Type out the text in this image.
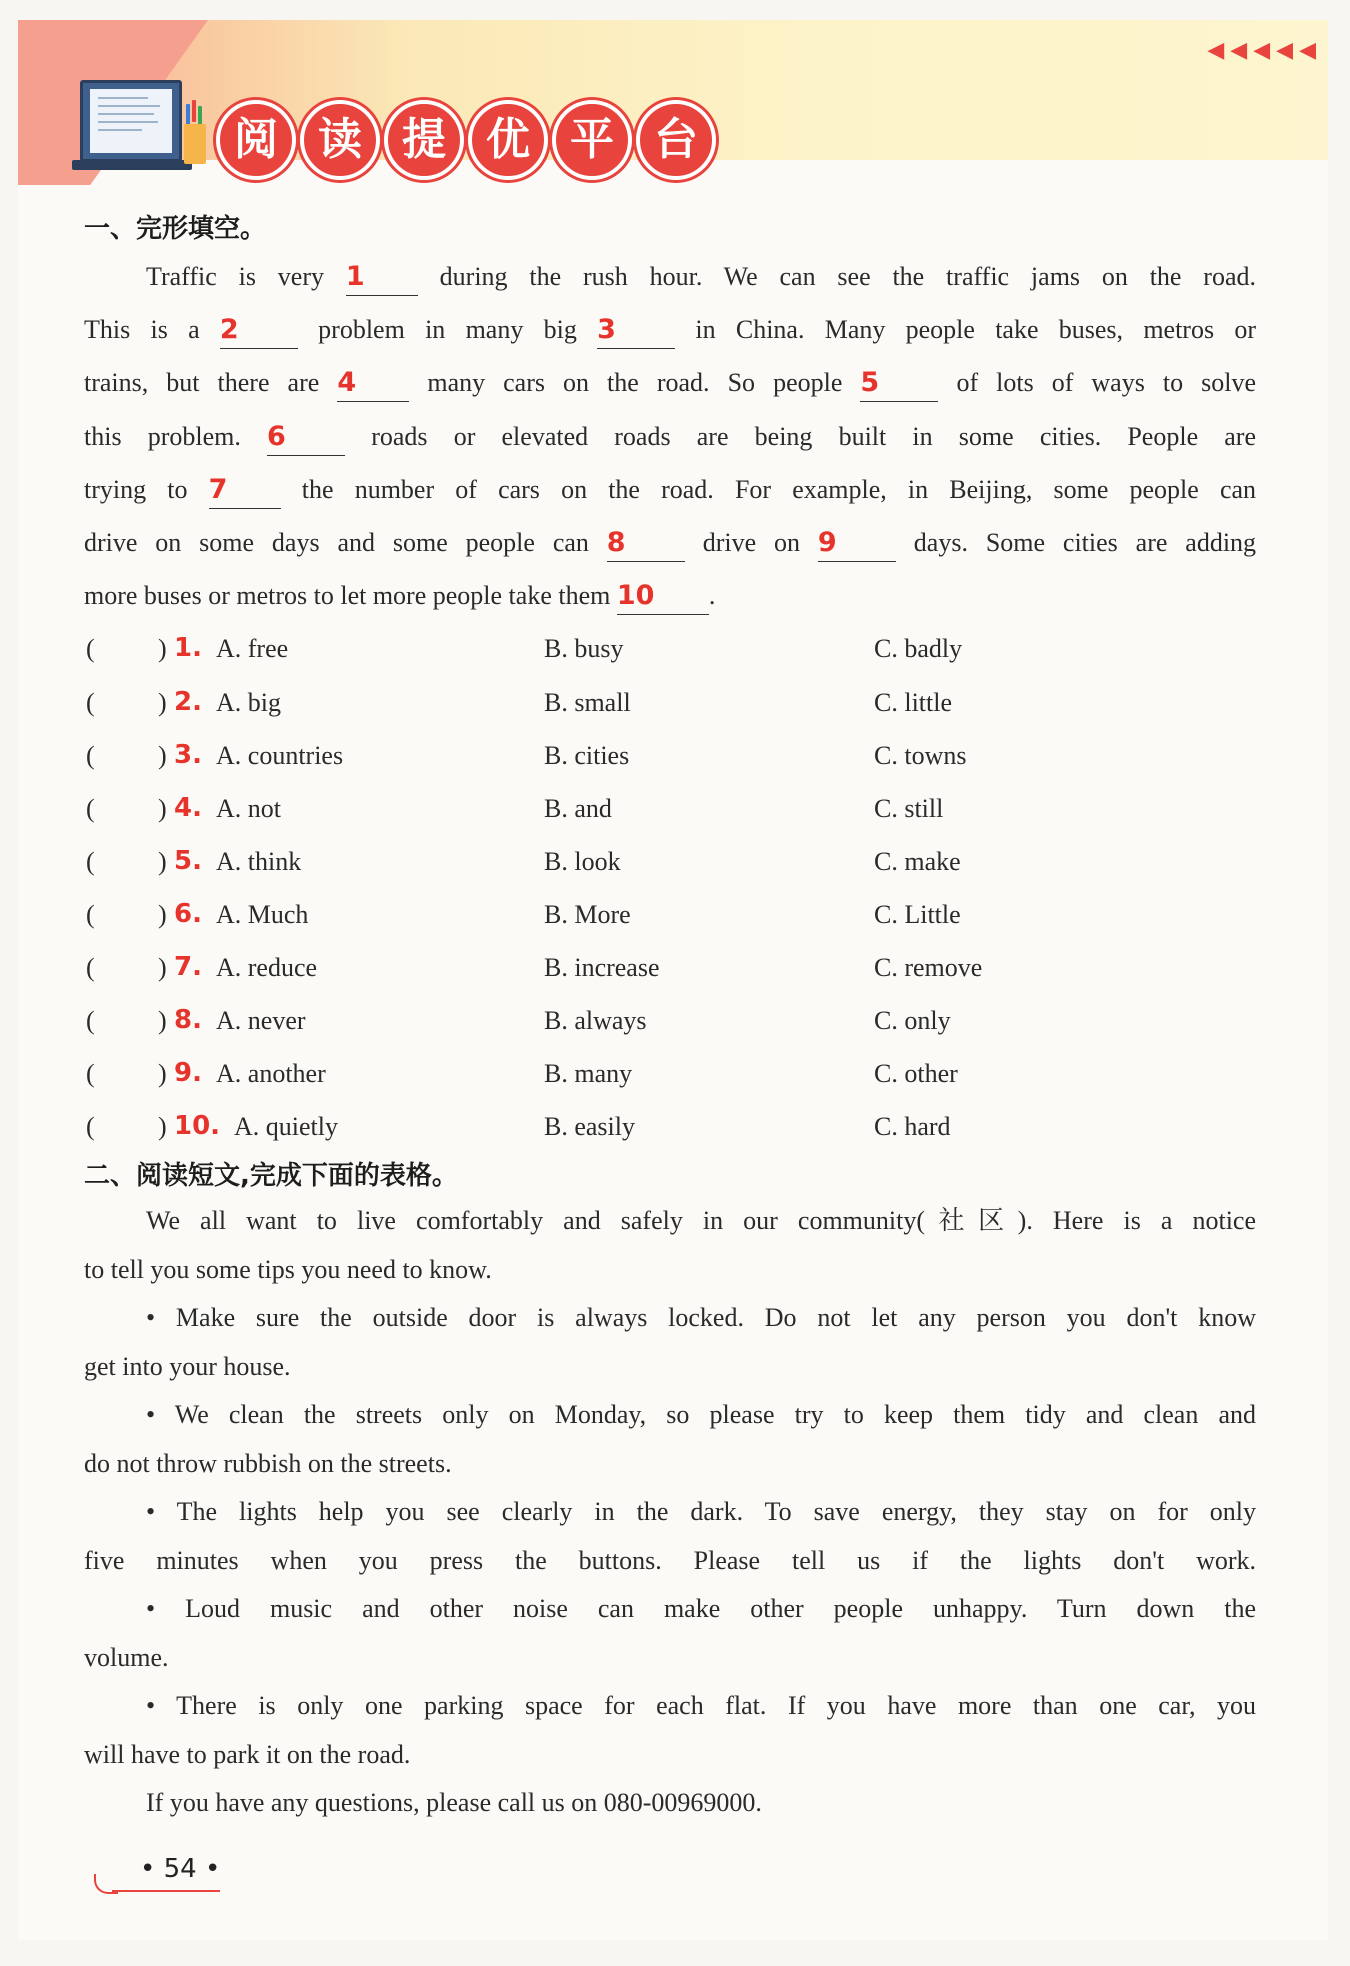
阅 读 提 优 平 台
◀◀◀◀◀
一、完形填空。
Traffic is very 1	during the rush hour. We can see the traffic jams on the road.
This is a 2	problem in many big 3	in China. Many people take buses, metros or
trains, but there are 4	many cars on the road. So people 5	of lots of ways to solve
this problem. 6	roads or elevated roads are being built in some cities. People are
trying to 7	the number of cars on the road. For example, in Beijing, some people can
drive on some days and some people can 8	drive on 9	days. Some cities are adding
more buses or metros to let more people take them 10 .
( ) 1. A. free	B. busy	C. badly
( ) 2. A. big	B. small	C. little
( ) 3. A. countries	B. cities	C. towns
( ) 4. A. not	B. and	C. still
( ) 5. A. think	B. look	C. make
( ) 6. A. Much	B. More	C. Little
( ) 7. A. reduce	B. increase	C. remove
( ) 8. A. never	B. always	C. only
( ) 9. A. another	B. many	C. other
( ) 10. A. quietly	B. easily	C. hard
二、阅读短文,完成下面的表格。
We all want to live comfortably and safely in our community(社区). Here is a notice
to tell you some tips you need to know.
• Make sure the outside door is always locked. Do not let any person you don't know
get into your house.
• We clean the streets only on Monday, so please try to keep them tidy and clean and
do not throw rubbish on the streets.
• The lights help you see clearly in the dark. To save energy, they stay on for only
five minutes when you press the buttons. Please tell us if the lights don't work.
• Loud music and other noise can make other people unhappy. Turn down the
volume.
• There is only one parking space for each flat. If you have more than one car, you
will have to park it on the road.
If you have any questions, please call us on 080-00969000.
• 54 •
